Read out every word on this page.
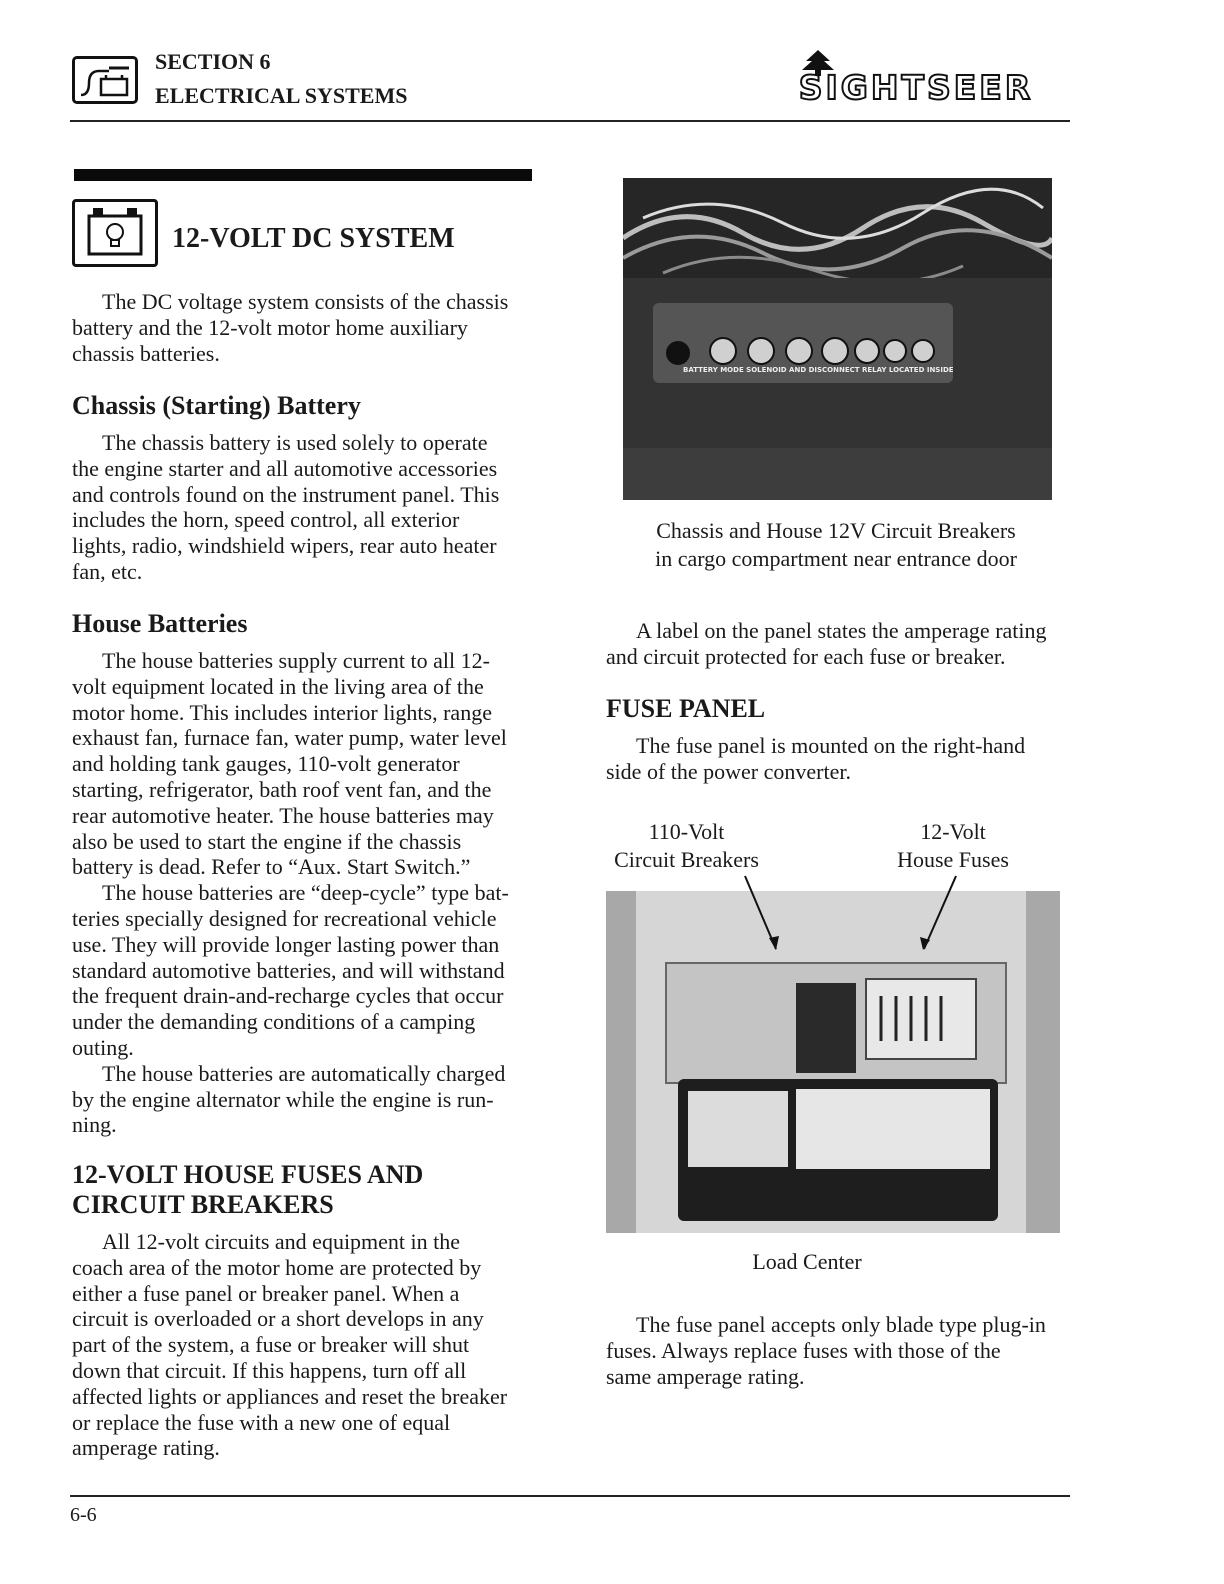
SECTION 6
ELECTRICAL SYSTEMS	SIGHTSEER
12-VOLT DC SYSTEM

The DC voltage system consists of the chassis
battery and the 12-volt motor home auxiliary
chassis batteries.

Chassis (Starting) Battery

The chassis battery is used solely to operate
the engine starter and all automotive accessories
and controls found on the instrument panel. This
includes the horn, speed control, all exterior
lights, radio, windshield wipers, rear auto heater
fan, etc.

House Batteries

The house batteries supply current to all 12-
volt equipment located in the living area of the
motor home. This includes interior lights, range
exhaust fan, furnace fan, water pump, water level
and holding tank gauges, 110-volt generator
starting, refrigerator, bath roof vent fan, and the
rear automotive heater. The house batteries may
also be used to start the engine if the chassis
battery is dead. Refer to “Aux. Start Switch.”
The house batteries are “deep-cycle” type bat-
teries specially designed for recreational vehicle
use. They will provide longer lasting power than
standard automotive batteries, and will withstand
the frequent drain-and-recharge cycles that occur
under the demanding conditions of a camping
outing.
The house batteries are automatically charged
by the engine alternator while the engine is run-
ning.

12-VOLT HOUSE FUSES AND
CIRCUIT BREAKERS

All 12-volt circuits and equipment in the
coach area of the motor home are protected by
either a fuse panel or breaker panel. When a
circuit is overloaded or a short develops in any
part of the system, a fuse or breaker will shut
down that circuit. If this happens, turn off all
affected lights or appliances and reset the breaker
or replace the fuse with a new one of equal
amperage rating.

BATTERY MODE SOLENOID AND DISCONNECT RELAY LOCATED INSIDE
Chassis and House 12V Circuit Breakers
in cargo compartment near entrance door

A label on the panel states the amperage rating
and circuit protected for each fuse or breaker.

FUSE PANEL

The fuse panel is mounted on the right-hand
side of the power converter.

110-Volt
Circuit Breakers
12-Volt
House Fuses
Load Center

The fuse panel accepts only blade type plug-in
fuses. Always replace fuses with those of the
same amperage rating.

6-6
